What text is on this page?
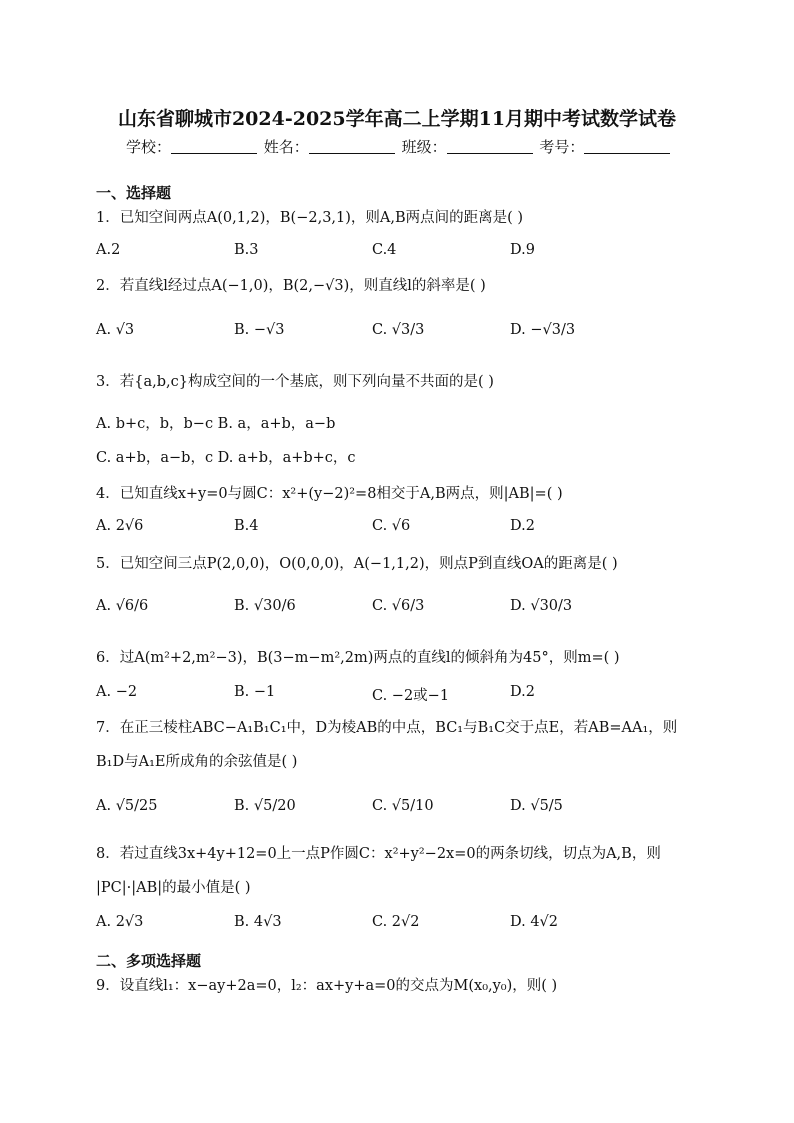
山东省聊城市2024-2025学年高二上学期11月期中考试数学试卷
学校：	姓名：	班级：	考号：
一、选择题
1．已知空间两点A(0,1,2)，B(−2,3,1)，则A,B两点间的距离是( )
A.2	B.3	C.4	D.9
2．若直线l经过点A(−1,0)，B(2,−√3)，则直线l的斜率是( )
A. √3	B. −√3	C. √3/3	D. −√3/3
3．若{a,b,c}构成空间的一个基底，则下列向量不共面的是( )
A. b+c，b，b−c B. a，a+b，a−b
C. a+b，a−b，c D. a+b，a+b+c，c
4．已知直线x+y=0与圆C：x²+(y−2)²=8相交于A,B两点，则|AB|=( )
A. 2√6	B.4	C. √6	D.2
5．已知空间三点P(2,0,0)，O(0,0,0)，A(−1,1,2)，则点P到直线OA的距离是( )
A. √6/6	B. √30/6	C. √6/3	D. √30/3
6．过A(m²+2,m²−3)，B(3−m−m²,2m)两点的直线l的倾斜角为45°，则m=( )
A. −2	B. −1	C. −2或−1	D.2
7．在正三棱柱ABC−A₁B₁C₁中，D为棱AB的中点，BC₁与B₁C交于点E，若AB=AA₁，则
B₁D与A₁E所成角的余弦值是( )
A. √5/25	B. √5/20	C. √5/10	D. √5/5
8．若过直线3x+4y+12=0上一点P作圆C：x²+y²−2x=0的两条切线，切点为A,B，则
|PC|·|AB|的最小值是( )
A. 2√3	B. 4√3	C. 2√2	D. 4√2
二、多项选择题
9．设直线l₁：x−ay+2a=0，l₂：ax+y+a=0的交点为M(x₀,y₀)，则( )
